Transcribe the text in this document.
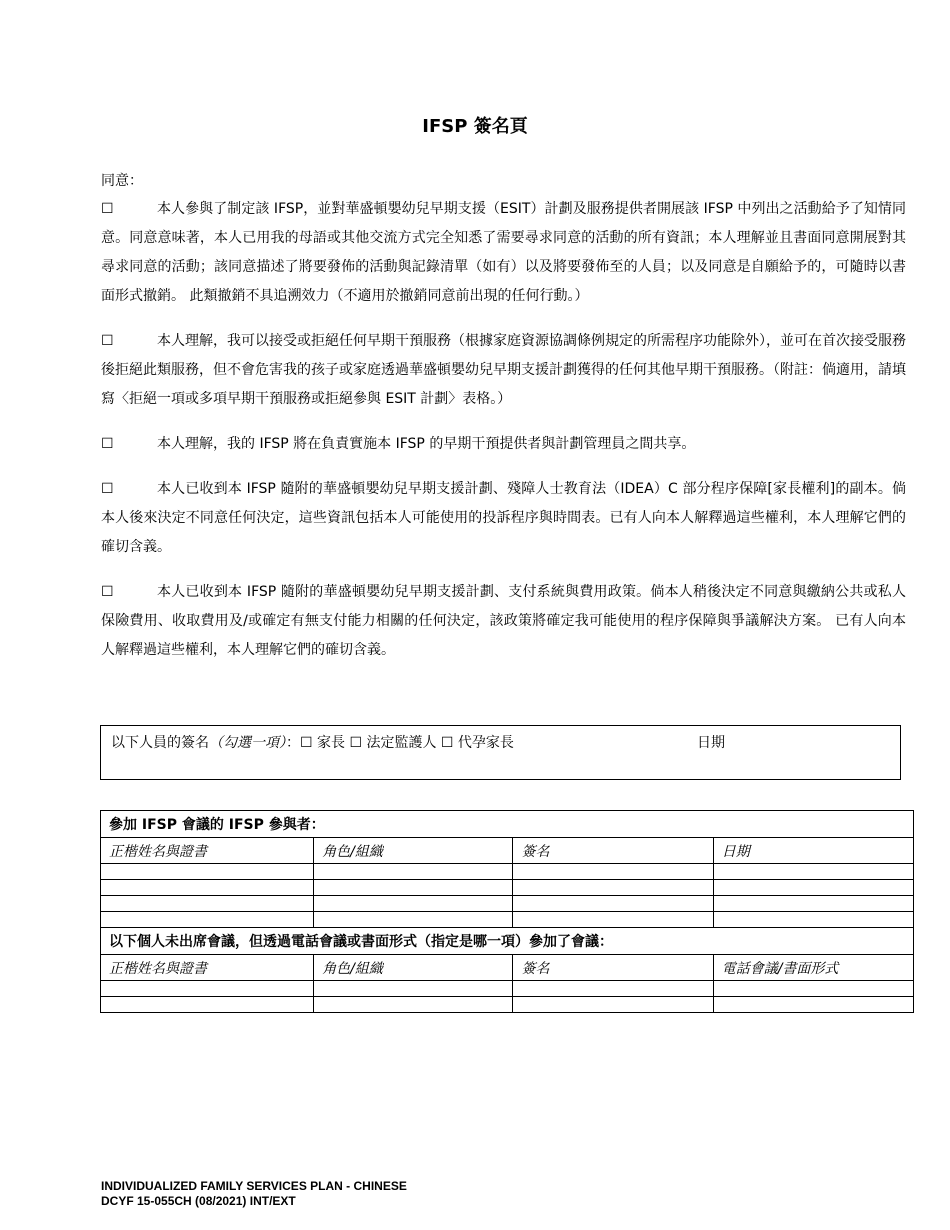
IFSP 簽名頁
同意：
☐	本人參與了制定該 IFSP，並對華盛頓嬰幼兒早期支援（ESIT）計劃及服務提供者開展該 IFSP 中列出之活動給予了知情同意。同意意味著，本人已用我的母語或其他交流方式完全知悉了需要尋求同意的活動的所有資訊；本人理解並且書面同意開展對其尋求同意的活動；該同意描述了將要發佈的活動與記錄清單（如有）以及將要發佈至的人員；以及同意是自願給予的，可隨時以書面形式撤銷。 此類撤銷不具追溯效力（不適用於撤銷同意前出現的任何行動。）
☐	本人理解，我可以接受或拒絕任何早期干預服務（根據家庭資源協調條例規定的所需程序功能除外），並可在首次接受服務後拒絕此類服務，但不會危害我的孩子或家庭透過華盛頓嬰幼兒早期支援計劃獲得的任何其他早期干預服務。（附註：倘適用，請填寫〈拒絕一項或多項早期干預服務或拒絕參與 ESIT 計劃〉表格。）
☐	本人理解，我的 IFSP 將在負責實施本 IFSP 的早期干預提供者與計劃管理員之間共享。
☐	本人已收到本 IFSP 隨附的華盛頓嬰幼兒早期支援計劃、殘障人士教育法（IDEA）C 部分程序保障[家長權利]的副本。倘本人後來決定不同意任何決定，這些資訊包括本人可能使用的投訴程序與時間表。已有人向本人解釋過這些權利，本人理解它們的確切含義。
☐	本人已收到本 IFSP 隨附的華盛頓嬰幼兒早期支援計劃、支付系統與費用政策。倘本人稍後決定不同意與繳納公共或私人保險費用、收取費用及/或確定有無支付能力相關的任何決定，該政策將確定我可能使用的程序保障與爭議解決方案。 已有人向本人解釋過這些權利，本人理解它們的確切含義。
以下人員的簽名（勾選一項）：☐ 家長 ☐ 法定監護人 ☐ 代孕家長	日期
參加 IFSP 會議的 IFSP 參與者：			
正楷姓名與證書	角色/組織	簽名	日期

以下個人未出席會議，但透過電話會議或書面形式（指定是哪一項）參加了會議：			
正楷姓名與證書	角色/組織	簽名	電話會議/書面形式

INDIVIDUALIZED FAMILY SERVICES PLAN - CHINESE
DCYF 15-055CH (08/2021) INT/EXT
